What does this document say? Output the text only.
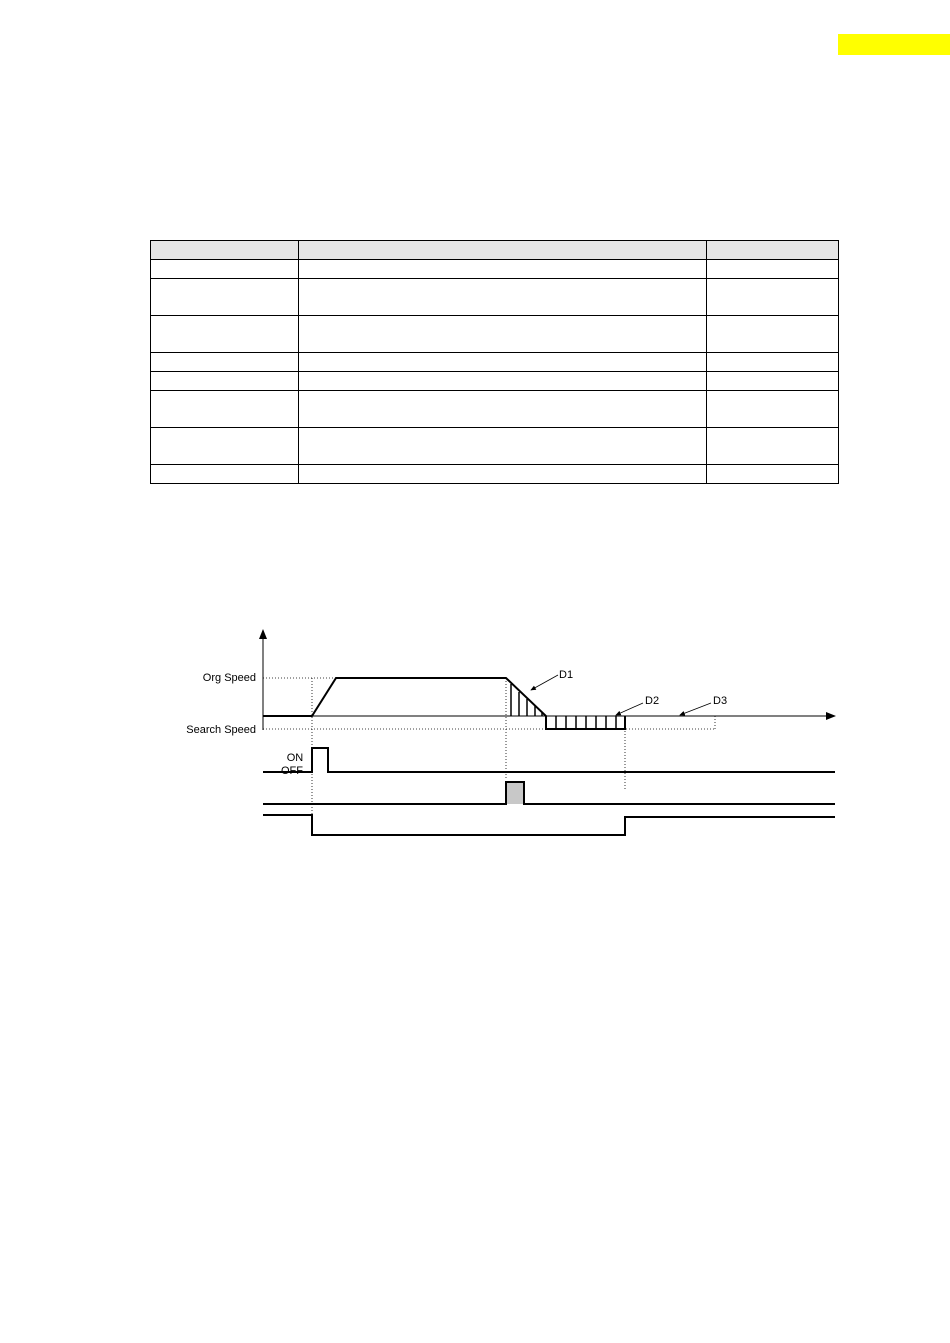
Org Speed
Search Speed
ON
OFF
D1
D2	D3
